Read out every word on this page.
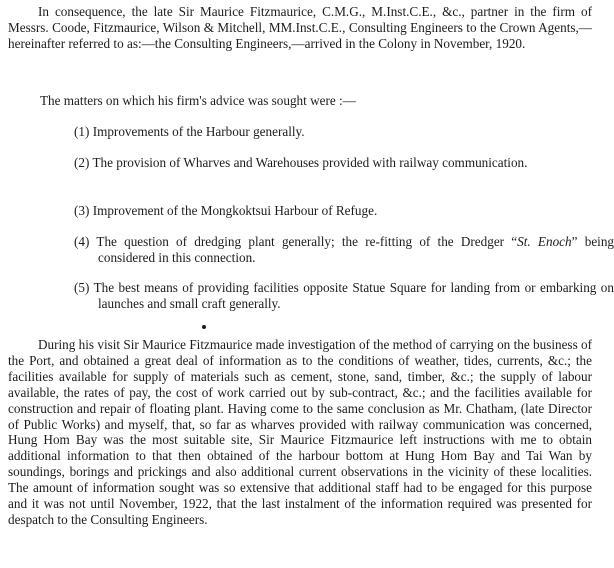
In consequence, the late Sir Maurice Fitzmaurice, C.M.G., M.Inst.C.E., &c., partner in the firm of Messrs. Coode, Fitzmaurice, Wilson & Mitchell, MM.Inst.C.E., Consulting Engineers to the Crown Agents,—hereinafter referred to as:—the Consulting Engineers,—arrived in the Colony in November, 1920.

The matters on which his firm's advice was sought were :—

(1) Improvements of the Harbour generally.

(2) The provision of Wharves and Warehouses provided with railway communication.

(3) Improvement of the Mongkoktsui Harbour of Refuge.

(4) The question of dredging plant generally; the re-fitting of the Dredger “St. Enoch” being considered in this connection.

(5) The best means of providing facilities opposite Statue Square for landing from or embarking on launches and small craft generally.

During his visit Sir Maurice Fitzmaurice made investigation of the method of carrying on the business of the Port, and obtained a great deal of information as to the conditions of weather, tides, currents, &c.; the facilities available for supply of materials such as cement, stone, sand, timber, &c.; the supply of labour available, the rates of pay, the cost of work carried out by sub-contract, &c.; and the facilities available for construction and repair of floating plant. Having come to the same conclusion as Mr. Chatham, (late Director of Public Works) and myself, that, so far as wharves provided with railway communication was concerned, Hung Hom Bay was the most suitable site, Sir Maurice Fitzmaurice left instructions with me to obtain additional information to that then obtained of the harbour bottom at Hung Hom Bay and Tai Wan by soundings, borings and prickings and also additional current observations in the vicinity of these localities. The amount of information sought was so extensive that additional staff had to be engaged for this purpose and it was not until November, 1922, that the last instalment of the information required was presented for despatch to the Consulting Engineers.
